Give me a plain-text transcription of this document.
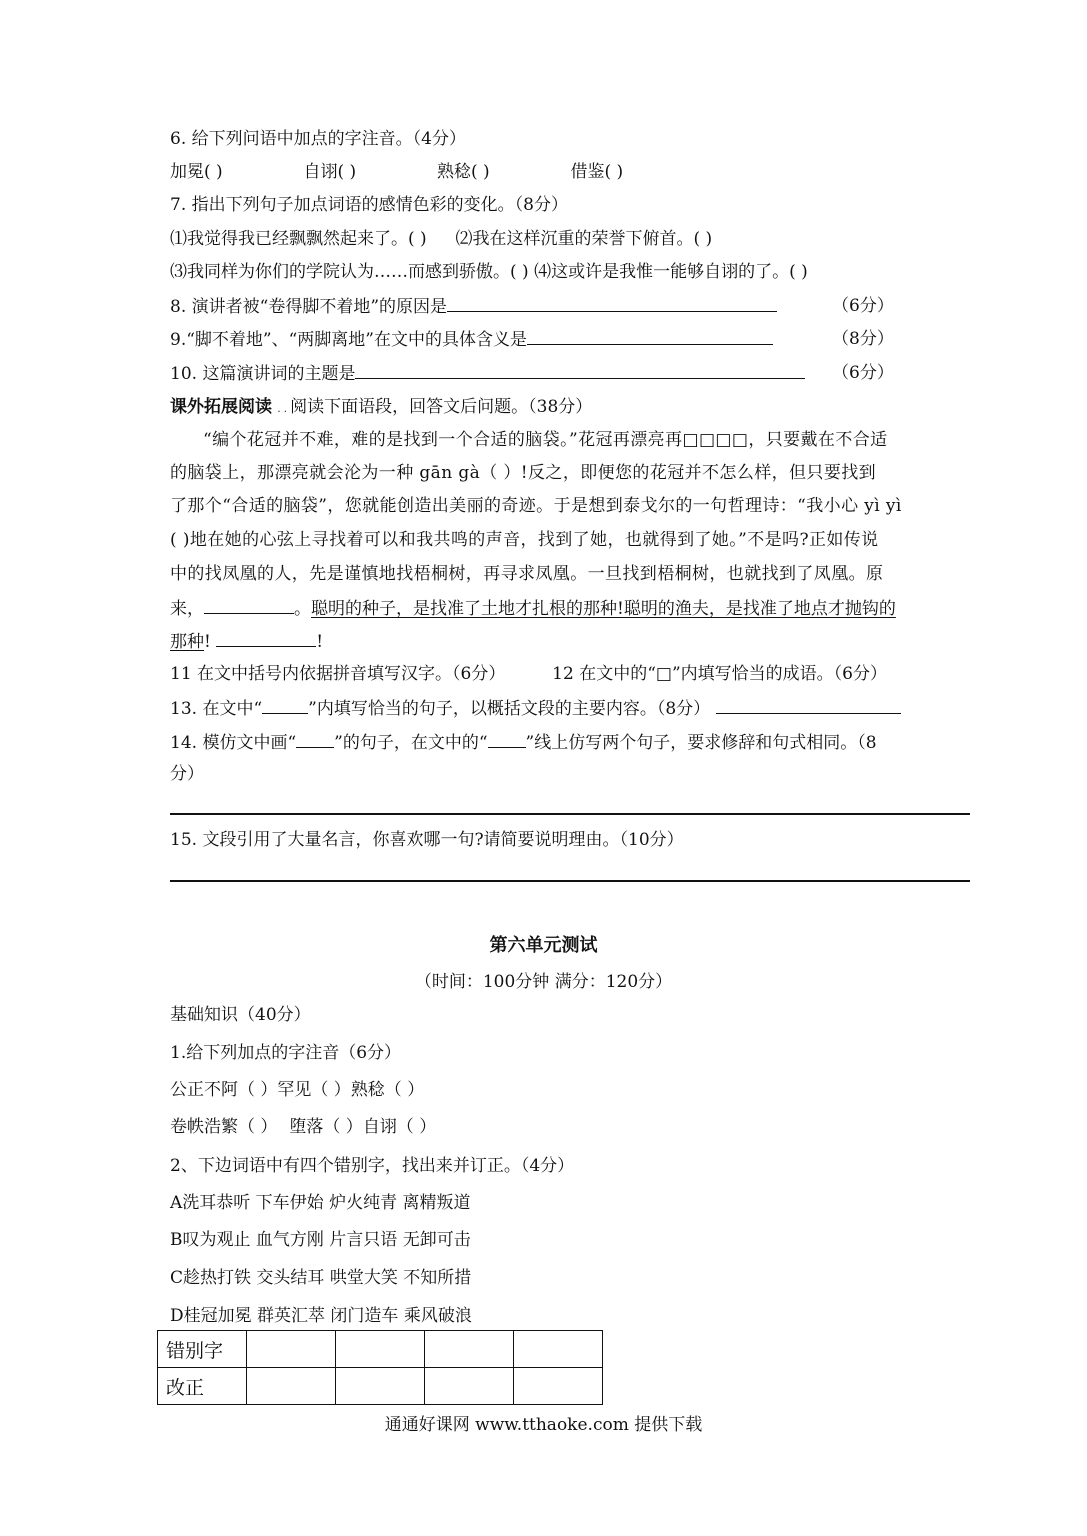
6. 给下列问语中加点的字注音。（4分）
加冕( )	自诩( )	熟稔( )	借鉴( )
7. 指出下列句子加点词语的感情色彩的变化。（8分）
⑴我觉得我已经飘飘然起来了。( ) ⑵我在这样沉重的荣誉下俯首。( )
⑶我同样为你们的学院认为……而感到骄傲。( ) ⑷这或许是我惟一能够自诩的了。( )
8. 演讲者被“卷得脚不着地”的原因是	（6分）
9.“脚不着地”、“两脚离地”在文中的具体含义是	（8分）
10. 这篇演讲词的主题是	（6分）
课外拓展阅读 . . 阅读下面语段，回答文后问题。（38分）
“编个花冠并不难，难的是找到一个合适的脑袋。”花冠再漂亮再□□□□，只要戴在不合适
的脑袋上，那漂亮就会沦为一种 gān gà（ ）!反之，即便您的花冠并不怎么样，但只要找到
了那个“合适的脑袋”，您就能创造出美丽的奇迹。于是想到泰戈尔的一句哲理诗：“我小心 yì yì
( )地在她的心弦上寻找着可以和我共鸣的声音，找到了她，也就得到了她。”不是吗?正如传说
中的找凤凰的人，先是谨慎地找梧桐树，再寻求凤凰。一旦找到梧桐树，也就找到了凤凰。原
来，	。聪明的种子，是找准了土地才扎根的那种!聪明的渔夫，是找准了地点才抛钩的
那种!	!
11 在文中括号内依据拼音填写汉字。（6分）	12 在文中的“□”内填写恰当的成语。（6分）
13. 在文中“	”内填写恰当的句子，以概括文段的主要内容。（8分）
14. 模仿文中画“ ”的句子，在文中的“ ”线上仿写两个句子，要求修辞和句式相同。（8
分）
15. 文段引用了大量名言，你喜欢哪一句?请简要说明理由。（10分）
第六单元测试
（时间：100分钟 满分：120分）
基础知识（40分）
1.给下列加点的字注音（6分）
公正不阿（ ）罕见（ ）熟稔（ ）
卷帙浩繁（ ） 堕落（ ）自诩（ ）
2、下边词语中有四个错别字，找出来并订正。（4分）
A洗耳恭听 下车伊始 炉火纯青 离精叛道
B叹为观止 血气方刚 片言只语 无卸可击
C趁热打铁 交头结耳 哄堂大笑 不知所措
D桂冠加冕 群英汇萃 闭门造车 乘风破浪
错别字				
改正				
通通好课网 www.tthaoke.com 提供下载
